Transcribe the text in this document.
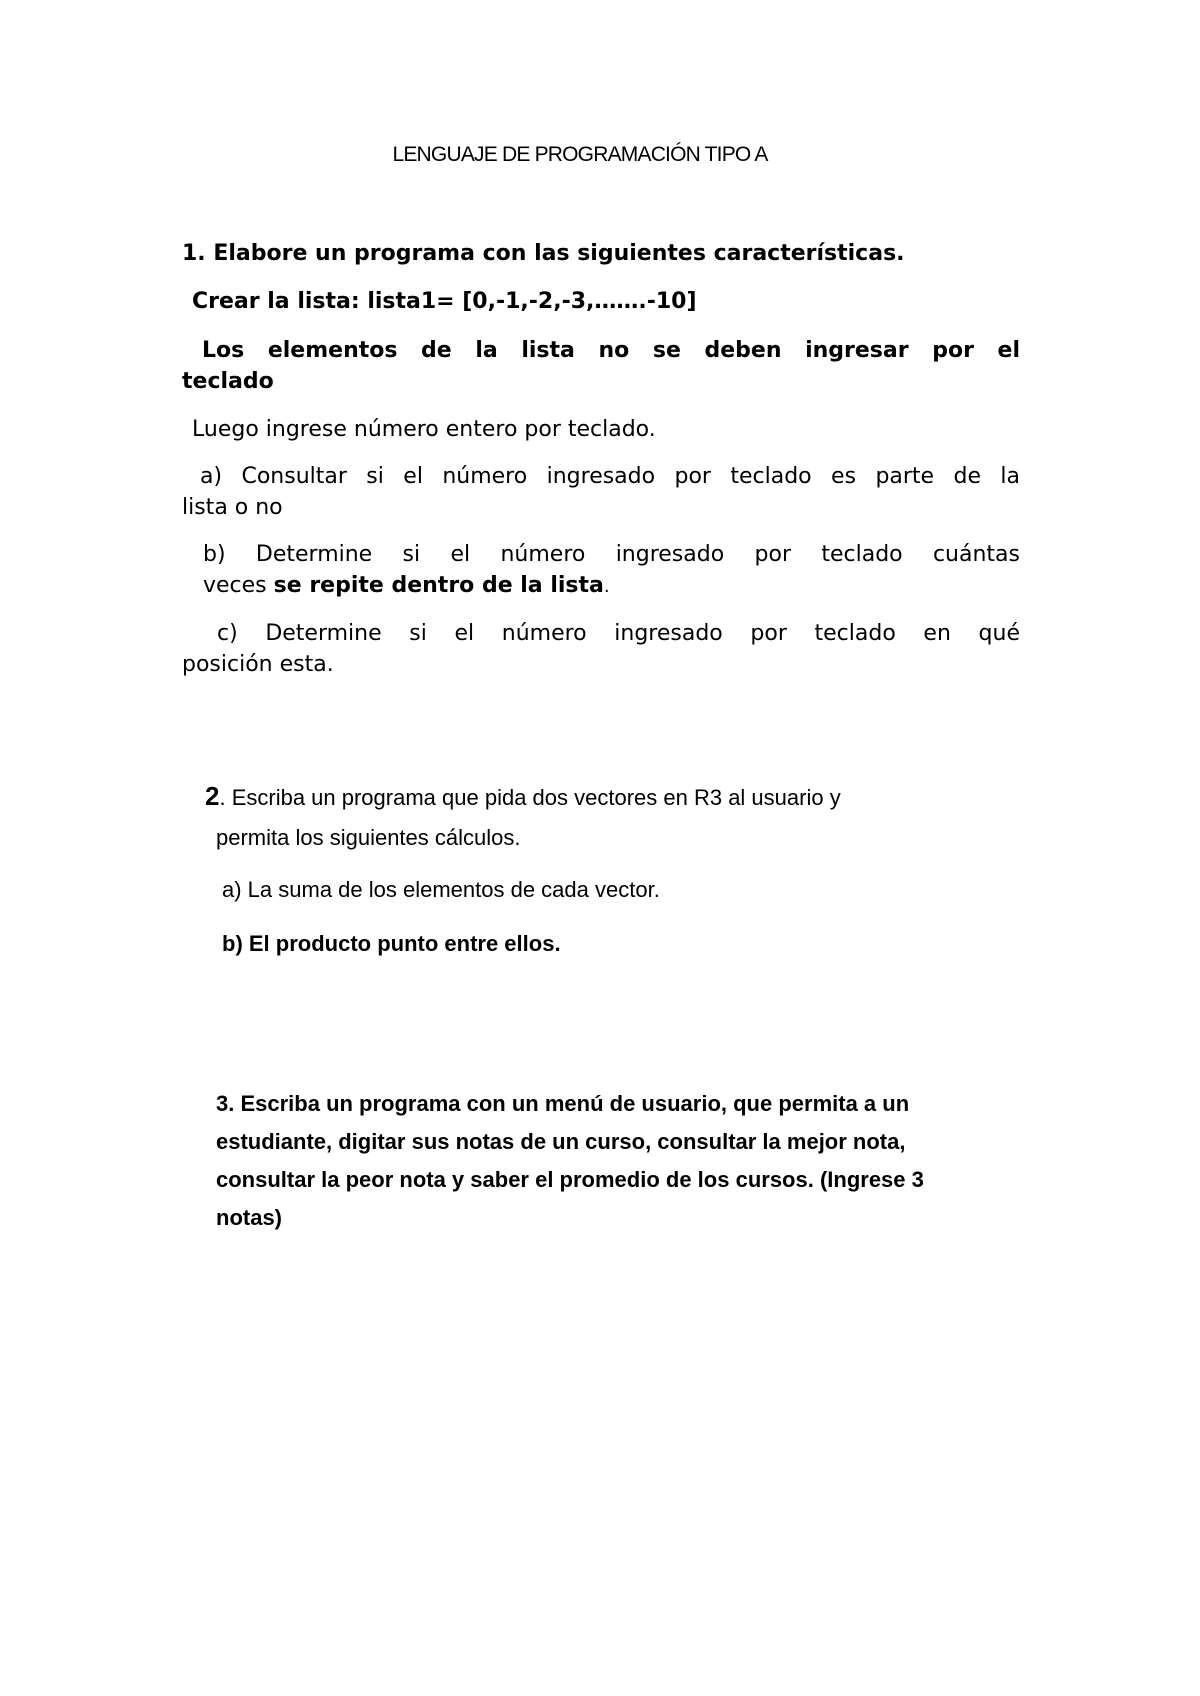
LENGUAJE DE PROGRAMACIÓN TIPO A
1. Elabore un programa con las siguientes características.
Crear la lista: lista1= [0,-1,-2,-3,…….-10]
Los elementos de la lista no se deben ingresar por el
teclado
Luego ingrese número entero por teclado.
a) Consultar si el número ingresado por teclado es parte de la
lista o no
b) Determine si el número ingresado por teclado cuántas
veces se repite dentro de la lista.
c) Determine si el número ingresado por teclado en qué
posición esta.
2. Escriba un programa que pida dos vectores en R3 al usuario y
permita los siguientes cálculos.
a) La suma de los elementos de cada vector.
b) El producto punto entre ellos.
3. Escriba un programa con un menú de usuario, que permita a un
estudiante, digitar sus notas de un curso, consultar la mejor nota,
consultar la peor nota y saber el promedio de los cursos. (Ingrese 3
notas)
